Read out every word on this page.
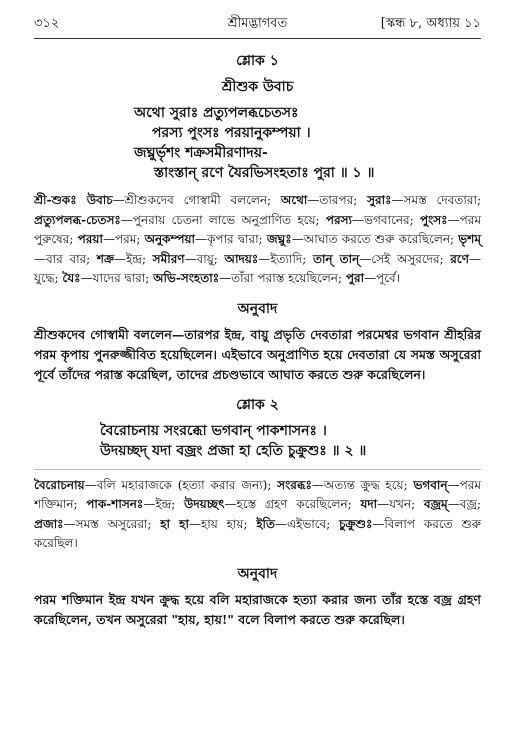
৩১২	শ্রীমদ্ভাগবত	[স্কন্ধ ৮, অধ্যায় ১১
শ্লোক ১
শ্রীশুক উবাচ
অথো সুরাঃ প্রত্যুপলব্ধচেতসঃ
পরস্য পুংসঃ পরয়ানুকম্পয়া ।
জঘ্নুর্ভৃশং শক্রসমীরণাদয়-
স্তাংস্তান্ রণে যৈরভিসংহতাঃ পুরা ॥ ১ ॥
শ্রী-শুকঃ উবাচ—শ্রীশুকদেব গোস্বামী বললেন; অথো—তারপর; সুরাঃ—সমস্ত দেবতারা; প্রত্যুপলব্ধ-চেতসঃ—পুনরায় চেতনা লাভে অনুপ্রাণিত হয়ে; পরস্য—ভগবানের; পুংসঃ—পরম পুরুষের; পরয়া—পরম; অনুকম্পয়া—কৃপার দ্বারা; জঘ্নুঃ—আঘাত করতে শুরু করেছিলেন; ভৃশম্—বার বার; শক্র—ইন্দ্র; সমীরণ—বায়ু; আদয়ঃ—ইত্যাদি; তান্ তান্—সেই অসুরদের; রণে—যুদ্ধে; যৈঃ—যাদের দ্বারা; অভি-সংহতাঃ—তাঁরা পরাস্ত হয়েছিলেন; পুরা—পূর্বে।
অনুবাদ
শ্রীশুকদেব গোস্বামী বললেন—তারপর ইন্দ্র, বায়ু প্রভৃতি দেবতারা পরমেশ্বর ভগবান শ্রীহরির পরম কৃপায় পুনরুজ্জীবিত হয়েছিলেন। এইভাবে অনুপ্রাণিত হয়ে দেবতারা যে সমস্ত অসুরেরা পূর্বে তাঁদের পরাস্ত করেছিল, তাদের প্রচণ্ডভাবে আঘাত করতে শুরু করেছিলেন।
শ্লোক ২
বৈরোচনায় সংরব্ধো ভগবান্ পাকশাসনঃ ।
উদয়চ্ছদ্ যদা বজ্রং প্রজা হা হেতি চুক্রুশুঃ ॥ ২ ॥
বৈরোচনায়—বলি মহারাজকে (হত্যা করার জন্য); সংরব্ধঃ—অত্যন্ত ক্রুদ্ধ হয়ে; ভগবান্—পরম শক্তিমান; পাক-শাসনঃ—ইন্দ্র; উদয়চ্ছৎ—হস্তে গ্রহণ করেছিলেন; যদা—যখন; বজ্রম্—বজ্র; প্রজাঃ—সমস্ত অসুরেরা; হা হা—হায় হায়; ইতি—এইভাবে; চুক্রুশুঃ—বিলাপ করতে শুরু করেছিল।
অনুবাদ
পরম শক্তিমান ইন্দ্র যখন ক্রুদ্ধ হয়ে বলি মহারাজকে হত্যা করার জন্য তাঁর হস্তে বজ্র গ্রহণ করেছিলেন, তখন অসুরেরা "হায়, হায়!" বলে বিলাপ করতে শুরু করেছিল।
